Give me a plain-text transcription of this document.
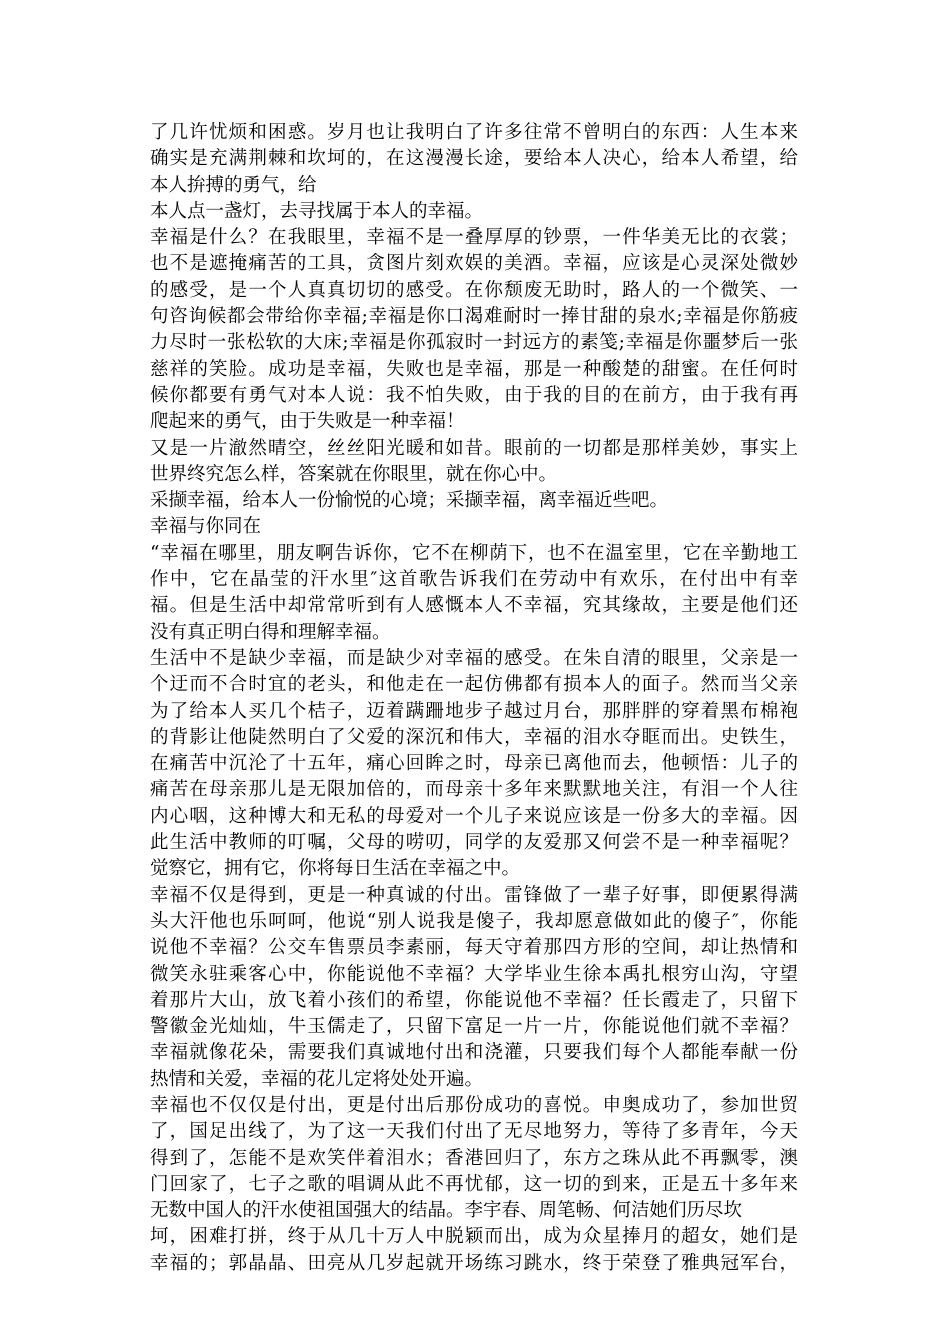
了几许忧烦和困惑。岁月也让我明白了许多往常不曾明白的东西：人生本来
确实是充满荆棘和坎坷的，在这漫漫长途，要给本人决心，给本人希望，给
本人拚搏的勇气，给
本人点一盏灯，去寻找属于本人的幸福。
幸福是什么？在我眼里，幸福不是一叠厚厚的钞票，一件华美无比的衣裳；
也不是遮掩痛苦的工具，贪图片刻欢娱的美酒。幸福，应该是心灵深处微妙
的感受，是一个人真真切切的感受。在你颓废无助时，路人的一个微笑、一
句咨询候都会带给你幸福;幸福是你口渴难耐时一捧甘甜的泉水;幸福是你筋疲
力尽时一张松软的大床;幸福是你孤寂时一封远方的素笺;幸福是你噩梦后一张
慈祥的笑脸。成功是幸福，失败也是幸福，那是一种酸楚的甜蜜。在任何时
候你都要有勇气对本人说：我不怕失败，由于我的目的在前方，由于我有再
爬起来的勇气，由于失败是一种幸福！
又是一片澈然晴空，丝丝阳光暖和如昔。眼前的一切都是那样美妙，事实上
世界终究怎么样，答案就在你眼里，就在你心中。
采撷幸福，给本人一份愉悦的心境；采撷幸福，离幸福近些吧。
幸福与你同在
“幸福在哪里，朋友啊告诉你，它不在柳荫下，也不在温室里，它在辛勤地工
作中，它在晶莹的汗水里″这首歌告诉我们在劳动中有欢乐，在付出中有幸
福。但是生活中却常常听到有人感慨本人不幸福，究其缘故，主要是他们还
没有真正明白得和理解幸福。
生活中不是缺少幸福，而是缺少对幸福的感受。在朱自清的眼里，父亲是一
个迂而不合时宜的老头，和他走在一起仿佛都有损本人的面子。然而当父亲
为了给本人买几个桔子，迈着蹒跚地步子越过月台，那胖胖的穿着黑布棉袍
的背影让他陡然明白了父爱的深沉和伟大，幸福的泪水夺眶而出。史铁生，
在痛苦中沉沦了十五年，痛心回眸之时，母亲已离他而去，他顿悟：儿子的
痛苦在母亲那儿是无限加倍的，而母亲十多年来默默地关注，有泪一个人往
内心咽，这种博大和无私的母爱对一个儿子来说应该是一份多大的幸福。因
此生活中教师的叮嘱，父母的唠叨，同学的友爱那又何尝不是一种幸福呢？
觉察它，拥有它，你将每日生活在幸福之中。
幸福不仅是得到，更是一种真诚的付出。雷锋做了一辈子好事，即便累得满
头大汗他也乐呵呵，他说“别人说我是傻子，我却愿意做如此的傻子″，你能
说他不幸福？公交车售票员李素丽，每天守着那四方形的空间，却让热情和
微笑永驻乘客心中，你能说他不幸福？大学毕业生徐本禹扎根穷山沟，守望
着那片大山，放飞着小孩们的希望，你能说他不幸福？任长霞走了，只留下
警徽金光灿灿，牛玉儒走了，只留下富足一片一片，你能说他们就不幸福？
幸福就像花朵，需要我们真诚地付出和浇灌，只要我们每个人都能奉献一份
热情和关爱，幸福的花儿定将处处开遍。
幸福也不仅仅是付出，更是付出后那份成功的喜悦。申奥成功了，参加世贸
了，国足出线了，为了这一天我们付出了无尽地努力，等待了多青年，今天
得到了，怎能不是欢笑伴着泪水；香港回归了，东方之珠从此不再飘零，澳
门回家了，七子之歌的唱调从此不再忧郁，这一切的到来，正是五十多年来
无数中国人的汗水使祖国强大的结晶。李宇春、周笔畅、何洁她们历尽坎
坷，困难打拼，终于从几十万人中脱颖而出，成为众星捧月的超女，她们是
幸福的；郭晶晶、田亮从几岁起就开场练习跳水，终于荣登了雅典冠军台，
